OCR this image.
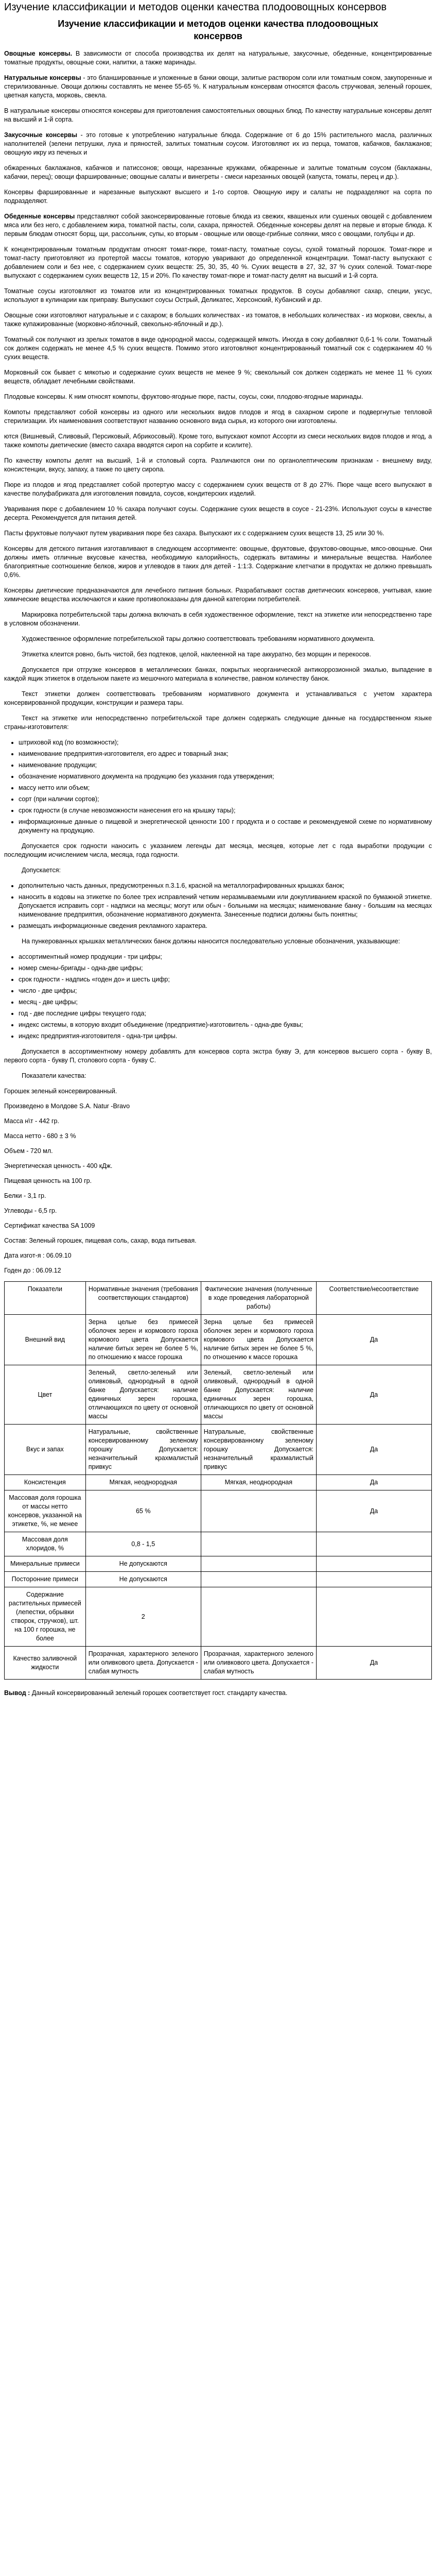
Изучение классификации и методов оценки качества плодоовощных консервов
Изучение классификации и методов оценки качества плодоовощных консервов

Овощные консервы. В зависимости от способа производства их делят на натуральные, закусочные, обеденные, концентрированные томатные продукты, овощные соки, напитки, а также маринады.

Натуральные консервы - это бланшированные и уложенные в банки овощи, залитые раствором соли или томатным соком, закупоренные и стерилизованные. Овощи должны составлять не менее 55-65 %. К натуральным консервам относятся фасоль стручковая, зеленый горошек, цветная капуста, морковь, свекла.

В натуральные консервы относятся консервы для приготовления самостоятельных овощных блюд. По качеству натуральные консервы делят на высший и 1-й сорта.

Закусочные консервы - это готовые к употреблению натуральные блюда. Содержание от 6 до 15% растительного масла, различных наполнителей (зелени петрушки, лука и пряностей, залитых томатным соусом. Изготовляют их из перца, томатов, кабачков, баклажанов; овощную икру из печеных и

обжаренных баклажанов, кабачков и патиссонов; овощи, нарезанные кружками, обжаренные и залитые томатным соусом (баклажаны, кабачки, перец); овощи фаршированные; овощные салаты и винегреты - смеси нарезанных овощей (капуста, томаты, перец и др.).

Консервы фаршированные и нарезанные выпускают высшего и 1-го сортов. Овощную икру и салаты не подразделяют на сорта по подразделяют.

Обеденные консервы представляют собой законсервированные готовые блюда из свежих, квашеных или сушеных овощей с добавлением мяса или без него, с добавлением жира, томатной пасты, соли, сахара, пряностей. Обеденные консервы делят на первые и вторые блюда. К первым блюдам относят борщ, щи, рассольник, супы, ко вторым - овощные или овоще-грибные солянки, мясо с овощами, голубцы и др.

К концентрированным томатным продуктам относят томат-пюре, томат-пасту, томатные соусы, сухой томатный порошок. Томат-пюре и томат-пасту приготовляют из протертой массы томатов, которую уваривают до определенной концентрации. Томат-пасту выпускают с добавлением соли и без нее, с содержанием сухих веществ: 25, 30, 35, 40 %. Сухих веществ в 27, 32, 37 % сухих соленой. Томат-пюре выпускают с содержанием сухих веществ 12, 15 и 20%. По качеству томат-пюре и томат-пасту делят на высший и 1-й сорта.

Томатные соусы изготовляют из томатов или из концентрированных томатных продуктов. В соусы добавляют сахар, специи, уксус, используют в кулинарии как приправу. Выпускают соусы Острый, Деликатес, Херсонский, Кубанский и др.

Овощные соки изготовляют натуральные и с сахаром; в больших количествах - из томатов, в небольших количествах - из моркови, свеклы, а также купажированные (морковно-яблочный, свекольно-яблочный и др.).

Томатный сок получают из зрелых томатов в виде однородной массы, содержащей мякоть. Иногда в соку добавляют 0,6-1 % соли. Томатный сок должен содержать не менее 4,5 % сухих веществ. Помимо этого изготовляют концентрированный томатный сок с содержанием 40 % сухих веществ.

Морковный сок бывает с мякотью и содержание сухих веществ не менее 9 %; свекольный сок должен содержать не менее 11 % сухих веществ, обладает лечебными свойствами.

Плодовые консервы. К ним относят компоты, фруктово-ягодные пюре, пасты, соусы, соки, плодово-ягодные маринады.

Компоты представляют собой консервы из одного или нескольких видов плодов и ягод в сахарном сиропе и подвергнутые тепловой стерилизации. Их наименования соответствуют названию основного вида сырья, из которого они изготовлены.

ются (Вишневый, Сливовый, Персиковый, Абрикосовый). Кроме того, выпускают компот Ассорти из смеси нескольких видов плодов и ягод, а также компоты диетические (вместо сахара вводятся сироп на сорбите и ксилите).

По качеству компоты делят на высший, 1-й и столовый сорта. Различаются они по органолептическим признакам - внешнему виду, консистенции, вкусу, запаху, а также по цвету сиропа.

Пюре из плодов и ягод представляет собой протертую массу с содержанием сухих веществ от 8 до 27%. Пюре чаще всего выпускают в качестве полуфабриката для изготовления повидла, соусов, кондитерских изделий.

Уваривания пюре с добавлением 10 % сахара получают соусы. Содержание сухих веществ в соусе - 21-23%. Используют соусы в качестве десерта. Рекомендуется для питания детей.

Пасты фруктовые получают путем уваривания пюре без сахара. Выпускают их с содержанием сухих веществ 13, 25 или 30 %.

Консервы для детского питания изготавливают в следующем ассортименте: овощные, фруктовые, фруктово-овощные, мясо-овощные. Они должны иметь отличные вкусовые качества, необходимую калорийность, содержать витамины и минеральные вещества. Наиболее благоприятные соотношение белков, жиров и углеводов в таких для детей - 1:1:3. Содержание клетчатки в продуктах не должно превышать 0,6%.

Консервы диетические предназначаются для лечебного питания больных. Разрабатывают состав диетических консервов, учитывая, какие химические вещества исключаются и какие противопоказаны для данной категории потребителей.

Маркировка потребительской тары должна включать в себя художественное оформление, текст на этикетке или непосредственно таре в условном обозначении.

Художественное оформление потребительской тары должно соответствовать требованиям нормативного документа.

Этикетка клеится ровно, быть чистой, без подтеков, целой, наклеенной на таре аккуратно, без морщин и перекосов.

Допускается при отгрузке консервов в металлических банках, покрытых неорганической антикоррозионной эмалью, выпадение в каждой ящик этикеток в отдельном пакете из мешочного материала в количестве, равном количеству банок.

Текст этикетки должен соответствовать требованиям нормативного документа и устанавливаться с учетом характера консервированной продукции, конструкции и размера тары.

Текст на этикетке или непосредственно потребительской таре должен содержать следующие данные на государственном языке страны-изготовителя:

• штриховой код (по возможности);
• наименование предприятия-изготовителя, его адрес и товарный знак;
• наименование продукции;
• обозначение нормативного документа на продукцию без указания года утверждения;
• массу нетто или объем;
• сорт (при наличии сортов);
• срок годности (в случае невозможности нанесения его на крышку тары);
• информационные данные о пищевой и энергетической ценности 100 г продукта и о составе и рекомендуемой схеме по нормативному документу на продукцию.

Допускается срок годности наносить с указанием легенды дат месяца, месяцев, которые лет с года выработки продукции с последующим исчислением числа, месяца, года годности.

Допускается:

• дополнительно часть данных, предусмотренных п.3.1.6, красной на металлографированных крышках банок;
• наносить в кодовы на этикетке по более трех исправлений четким неразмываемыми или докупливанием краской по бумажной этикетке. Допускается исправить сорт - надписи на месяцы; могут или обыч - больными на месяцах; наименование банку - большим на месяцах наименование предприятия, обозначение нормативного документа. Занесенные подписи должны быть понятны;
• размещать информационные сведения рекламного характера.

На пункерованных крышках металлических банок должны наносится последовательно условные обозначения, указывающие:

• ассортиментный номер продукции - три цифры;
• номер смены-бригады - одна-две цифры;
• срок годности - надпись «годен до» и шесть цифр;
• число - две цифры;
• месяц - две цифры;
• год - две последние цифры текущего года;
• индекс системы, в которую входит объединение (предприятие)-изготовитель - одна-две буквы;
• индекс предприятия-изготовителя - одна-три цифры.

Допускается в ассортиментному номеру добавлять для консервов сорта экстра букву Э, для консервов высшего сорта - букву В, первого сорта - букву П, столового сорта - букву С.

Показатели качества:

Горошек зеленый консервированный.
Произведено в Молдове S.A. Natur -Bravo
Масса н\т - 442 гр.
Масса нетто - 680 ± 3 %
Объем - 720 мл.
Энергетическая ценность - 400 кДж.
Пищевая ценность на 100 гр.
Белки - 3,1 гр.
Углеводы - 6,5 гр.
Сертификат качества SA 1009
Состав: Зеленый горошек, пищевая соль, сахар, вода питьевая.
Дата изгот-я : 06.09.10
Годен до : 06.09.12
Показатели	Нормативные значения (требования соответствующих стандартов)	Фактические значения (полученные в ходе проведения лабораторной работы)	Соответствие/несоответствие
Внешний вид	Зерна целые без примесей оболочек зерен и кормового гороха кормового цвета Допускается наличие битых зерен не более 5 %, по отношению к массе горошка	Зерна целые без примесей оболочек зерен и кормового гороха кормового цвета Допускается наличие битых зерен не более 5 %, по отношению к массе горошка	Да
Цвет	Зеленый, светло-зеленый или оливковый, однородный в одной банке Допускается: наличие единичных зерен горошка, отличающихся по цвету от основной массы	Зеленый, светло-зеленый или оливковый, однородный в одной банке Допускается: наличие единичных зерен горошка, отличающихся по цвету от основной массы	Да
Вкус и запах	Натуральные, свойственные консервированному зеленому горошку Допускается: незначительный крахмалистый привкус	Натуральные, свойственные консервированному зеленому горошку Допускается: незначительный крахмалистый привкус	Да
Консистенция	Мягкая, неоднородная	Мягкая, неоднородная	Да
Массовая доля горошка от массы нетто консервов, указанной на этикетке, %, не менее	65 %		Да
Массовая доля хлоридов, %	0,8 - 1,5		
Минеральные примеси	Не допускаются		
Посторонние примеси	Не допускаются		
Содержание растительных примесей (лепестки, обрывки створок, стручков), шт. на 100 г горошка, не более	2		
Качество заливочной жидкости	Прозрачная, характерного зеленого или оливкового цвета. Допускается - слабая мутность	Прозрачная, характерного зеленого или оливкового цвета. Допускается - слабая мутность	Да

Вывод : Данный консервированный зеленый горошек соответствует гост. стандарту качества.
